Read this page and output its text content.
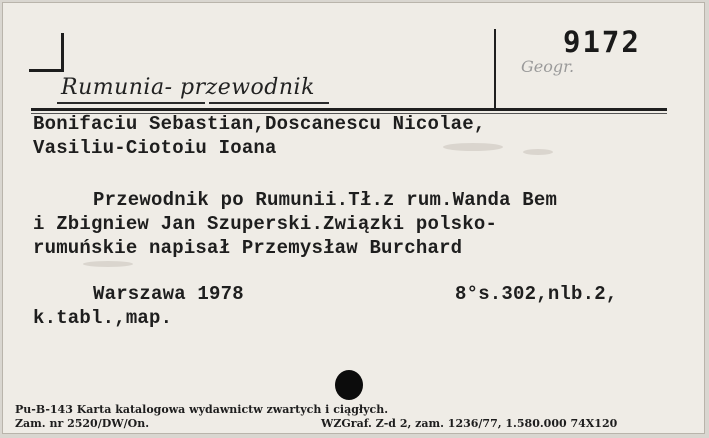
Rumunia- przewodnik
9172
Geogr.
Bonifaciu Sebastian,Doscanescu Nicolae,
Vasiliu-Ciotoiu Ioana
Przewodnik po Rumunii.Tł.z rum.Wanda Bem
i Zbigniew Jan Szuperski.Związki polsko-
rumuńskie napisał Przemysław Burchard
Warszawa 1978	8°s.302,nlb.2,
k.tabl.,map.
Pu-B-143 Karta katalogowa wydawnictw zwartych i ciągłych.
Zam. nr 2520/DW/On.	WZGraf. Z-d 2, zam. 1236/77, 1.580.000 74X120
